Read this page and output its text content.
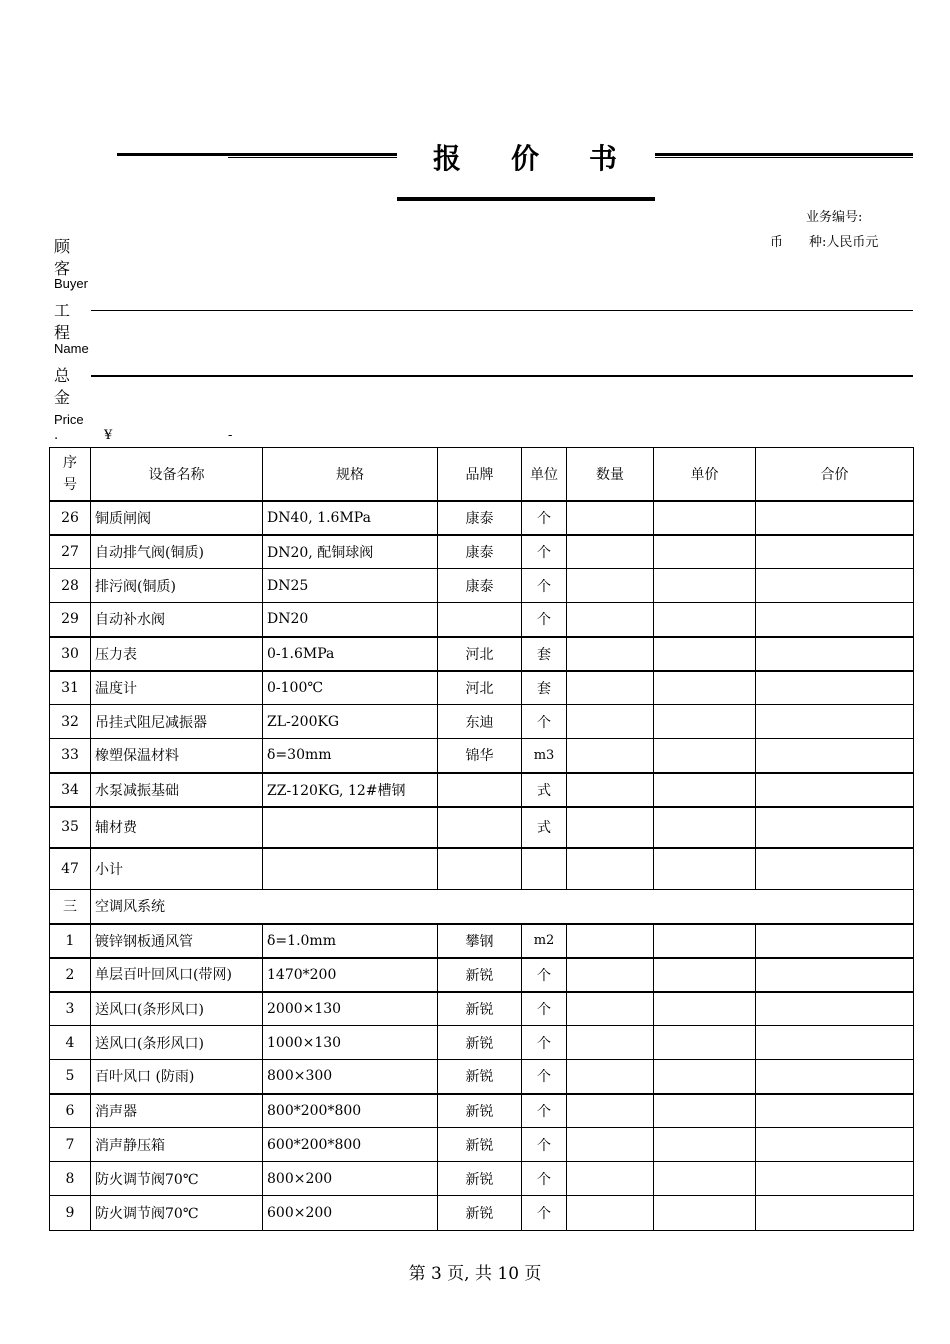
报 价 书
业务编号:
币　　种:人民币元
顾
客
Buyer
工
程
Name
总
金
Price
.	¥	-
序号	设备名称	规格	品牌	单位	数量	单价	合价
26	铜质闸阀	DN40, 1.6MPa	康泰	个			
27	自动排气阀(铜质)	DN20, 配铜球阀	康泰	个			
28	排污阀(铜质)	DN25	康泰	个			
29	自动补水阀	DN20		个			
30	压力表	0-1.6MPa	河北	套			
31	温度计	0-100℃	河北	套			
32	吊挂式阻尼减振器	ZL-200KG	东迪	个			
33	橡塑保温材料	δ=30mm	锦华	m3			
34	水泵减振基础	ZZ-120KG, 12#槽钢		式			
35	辅材费			式			
47	小计						
三	空调风系统						
1	镀锌钢板通风管	δ=1.0mm	攀钢	m2			
2	单层百叶回风口(带网)	1470*200	新锐	个			
3	送风口(条形风口)	2000×130	新锐	个			
4	送风口(条形风口)	1000×130	新锐	个			
5	百叶风口 (防雨)	800×300	新锐	个			
6	消声器	800*200*800	新锐	个			
7	消声静压箱	600*200*800	新锐	个			
8	防火调节阀70℃	800×200	新锐	个			
9	防火调节阀70℃	600×200	新锐	个			
第 3 页, 共 10 页
